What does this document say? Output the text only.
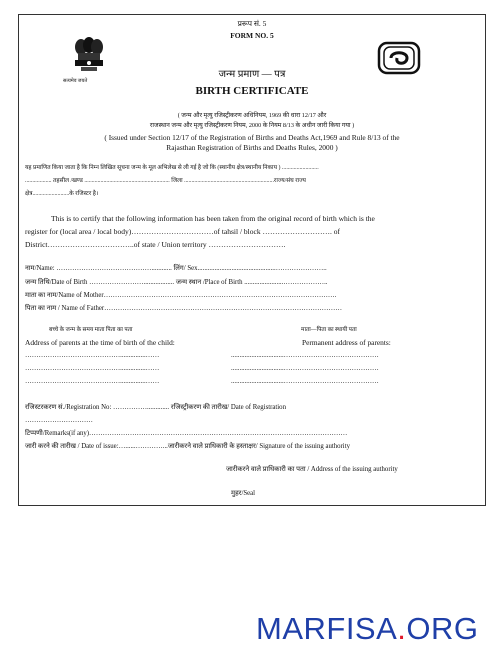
प्ररूप सं. 5
FORM NO. 5
सत्यमेव जयते
जन्म प्रमाण — पत्र
BIRTH CERTIFICATE
( जन्म और मृत्यु रजिस्ट्रीकरण अधिनियम, 1969 की धारा 12/17 और
राजस्थान जन्म और मृत्यु रजिस्ट्रीकरण नियम, 2000 के नियम 8/13 के अधीन जारी किया गया )
( Issued under Section 12/17 of the Registration of Births and Deaths Act,1969 and Rule 8/13 of the
Rajasthan Registration of Births and Deaths Rules, 2000 )
यह प्रमाणित किया जाता है कि निम्न लिखित सूचना जन्म के मूल अभिलेख से ली गई है जो कि (स्थानीय क्षेत्र/स्थानीय निकाय ) .........................
.................. तहसील /खण्ड .......................................................... जिला .............................................................राज्य/संघ राज्य
क्षेत्र.........................के रजिस्टर है।
This is to certify that the following information has been taken from the original record of birth which is the
register for (local area / local body)……………………………of tahsil / block ………………………. of
District……………………………..of state / Union territory ………………………….
नाम/Name: ……………………………………............ लिंग/ Sex..............................................…………………..
जन्म तिथि/Date of Birth …………………….................. जन्म स्थान /Place of Birth .......................………………..
माता का नाम/Name of Mother………………………………………………………………………………………….
पिता का नाम / Name of Father……………………………………………………………………………………………
बच्चे के जन्म के समय माता पिता का पता
Address of parents at the time of birth of the child:
माता—पिता का स्थायी पता
Permanent address of parents:
……………………………………...............……
……………………………………...............……
……………………………………...............……
...............................……………………………………
...............................……………………………………
...............................……………………………………
रजिस्टरकरण सं./Registration No: ……………............. रजिस्ट्रीकरण की तारीख/ Date of Registration
…………………………
टिप्पणी/Remarks(if any)……………………………………………………………………………………………………
जारी करने की तारीख / Date of issue:…......…………...जारीकरने वाले प्राधिकारी के हस्ताक्षर/ Signature of the issuing authority
जारीकरने वाले प्राधिकारी का पता / Address of the issuing authority
मुहर/Seal
MARFISA.ORG
